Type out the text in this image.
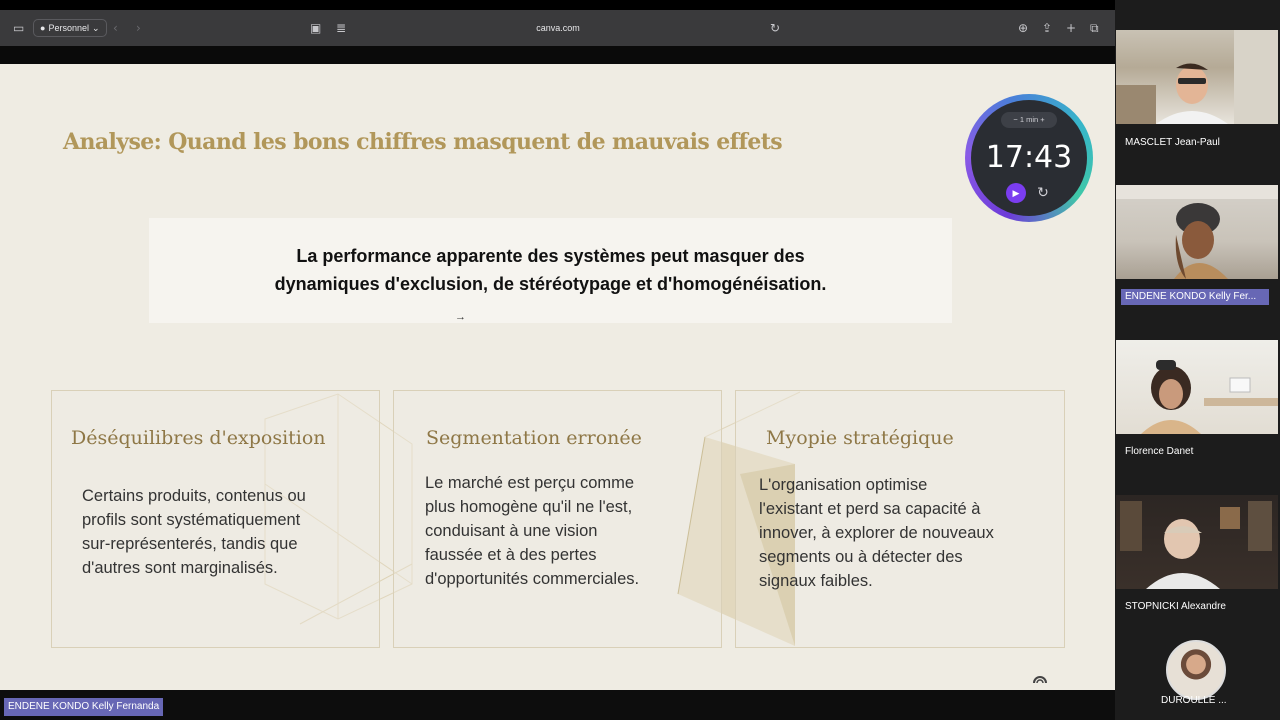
▭ ● Personnel ⌄ ‹ ›	▣ ≣	canva.com	↻	⊕ ⇪ + ⧉
Analyse: Quand les bons chiffres masquent de mauvais effets
La performance apparente des systèmes peut masquer des
dynamiques d'exclusion, de stéréotypage et d'homogénéisation.
→
Déséquilibres d'exposition
Certains produits, contenus ou
profils sont systématiquement
sur-représenterés, tandis que
d'autres sont marginalisés.
Segmentation erronée
Le marché est perçu comme
plus homogène qu'il ne l'est,
conduisant à une vision
faussée et à des pertes
d'opportunités commerciales.
Myopie stratégique
L'organisation optimise
l'existant et perd sa capacité à
innover, à explorer de nouveaux
segments ou à détecter des
signaux faibles.
− 1 min +
17:43
▶	↻
ENDENE KONDO Kelly Fernanda
MASCLET Jean-Paul
ENDENE KONDO Kelly Fer...
Florence Danet
STOPNICKI Alexandre
DUROULLE ...
